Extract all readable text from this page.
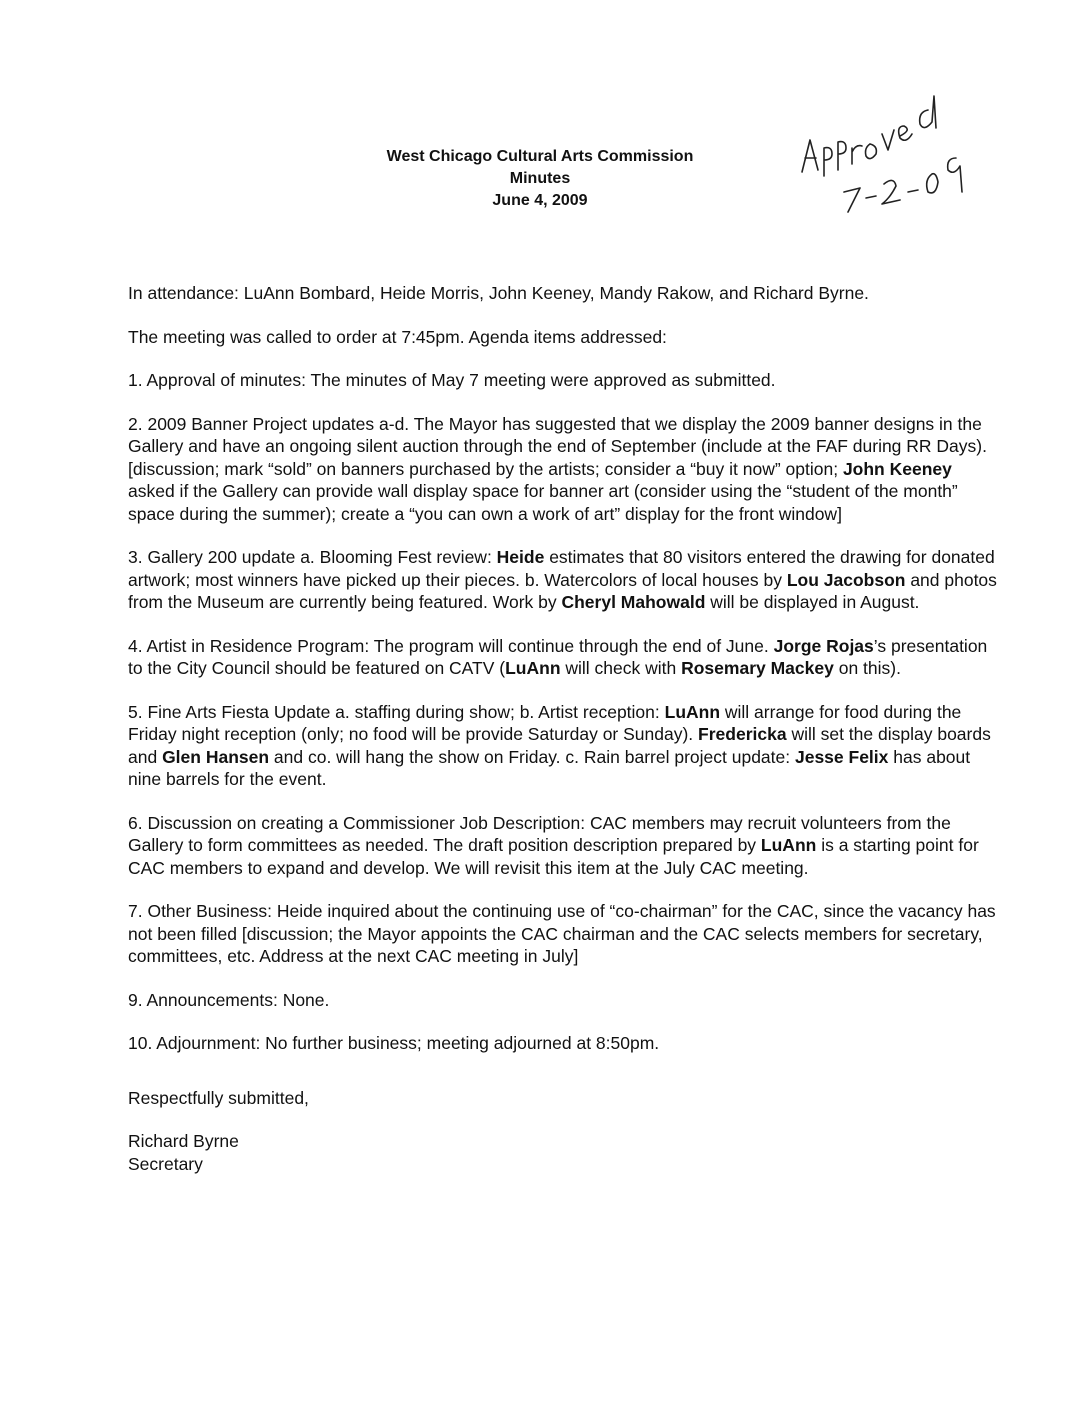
West Chicago Cultural Arts Commission
Minutes
June 4, 2009

In attendance: LuAnn Bombard, Heide Morris, John Keeney, Mandy Rakow, and Richard Byrne.

The meeting was called to order at 7:45pm. Agenda items addressed:

1. Approval of minutes: The minutes of May 7 meeting were approved as submitted.

2. 2009 Banner Project updates a-d. The Mayor has suggested that we display the 2009 banner designs in the Gallery and have an ongoing silent auction through the end of September (include at the FAF during RR Days). [discussion; mark “sold” on banners purchased by the artists; consider a “buy it now” option; John Keeney asked if the Gallery can provide wall display space for banner art (consider using the “student of the month” space during the summer); create a “you can own a work of art” display for the front window]

3. Gallery 200 update a. Blooming Fest review: Heide estimates that 80 visitors entered the drawing for donated artwork; most winners have picked up their pieces. b. Watercolors of local houses by Lou Jacobson and photos from the Museum are currently being featured. Work by Cheryl Mahowald will be displayed in August.

4. Artist in Residence Program: The program will continue through the end of June. Jorge Rojas’s presentation to the City Council should be featured on CATV (LuAnn will check with Rosemary Mackey on this).

5. Fine Arts Fiesta Update a. staffing during show; b. Artist reception: LuAnn will arrange for food during the Friday night reception (only; no food will be provide Saturday or Sunday). Fredericka will set the display boards and Glen Hansen and co. will hang the show on Friday. c. Rain barrel project update: Jesse Felix has about nine barrels for the event.

6. Discussion on creating a Commissioner Job Description: CAC members may recruit volunteers from the Gallery to form committees as needed. The draft position description prepared by LuAnn is a starting point for CAC members to expand and develop. We will revisit this item at the July CAC meeting.

7. Other Business: Heide inquired about the continuing use of “co-chairman” for the CAC, since the vacancy has not been filled [discussion; the Mayor appoints the CAC chairman and the CAC selects members for secretary, committees, etc. Address at the next CAC meeting in July]

9. Announcements: None.

10. Adjournment: No further business; meeting adjourned at 8:50pm.

Respectfully submitted,

Richard Byrne
Secretary
